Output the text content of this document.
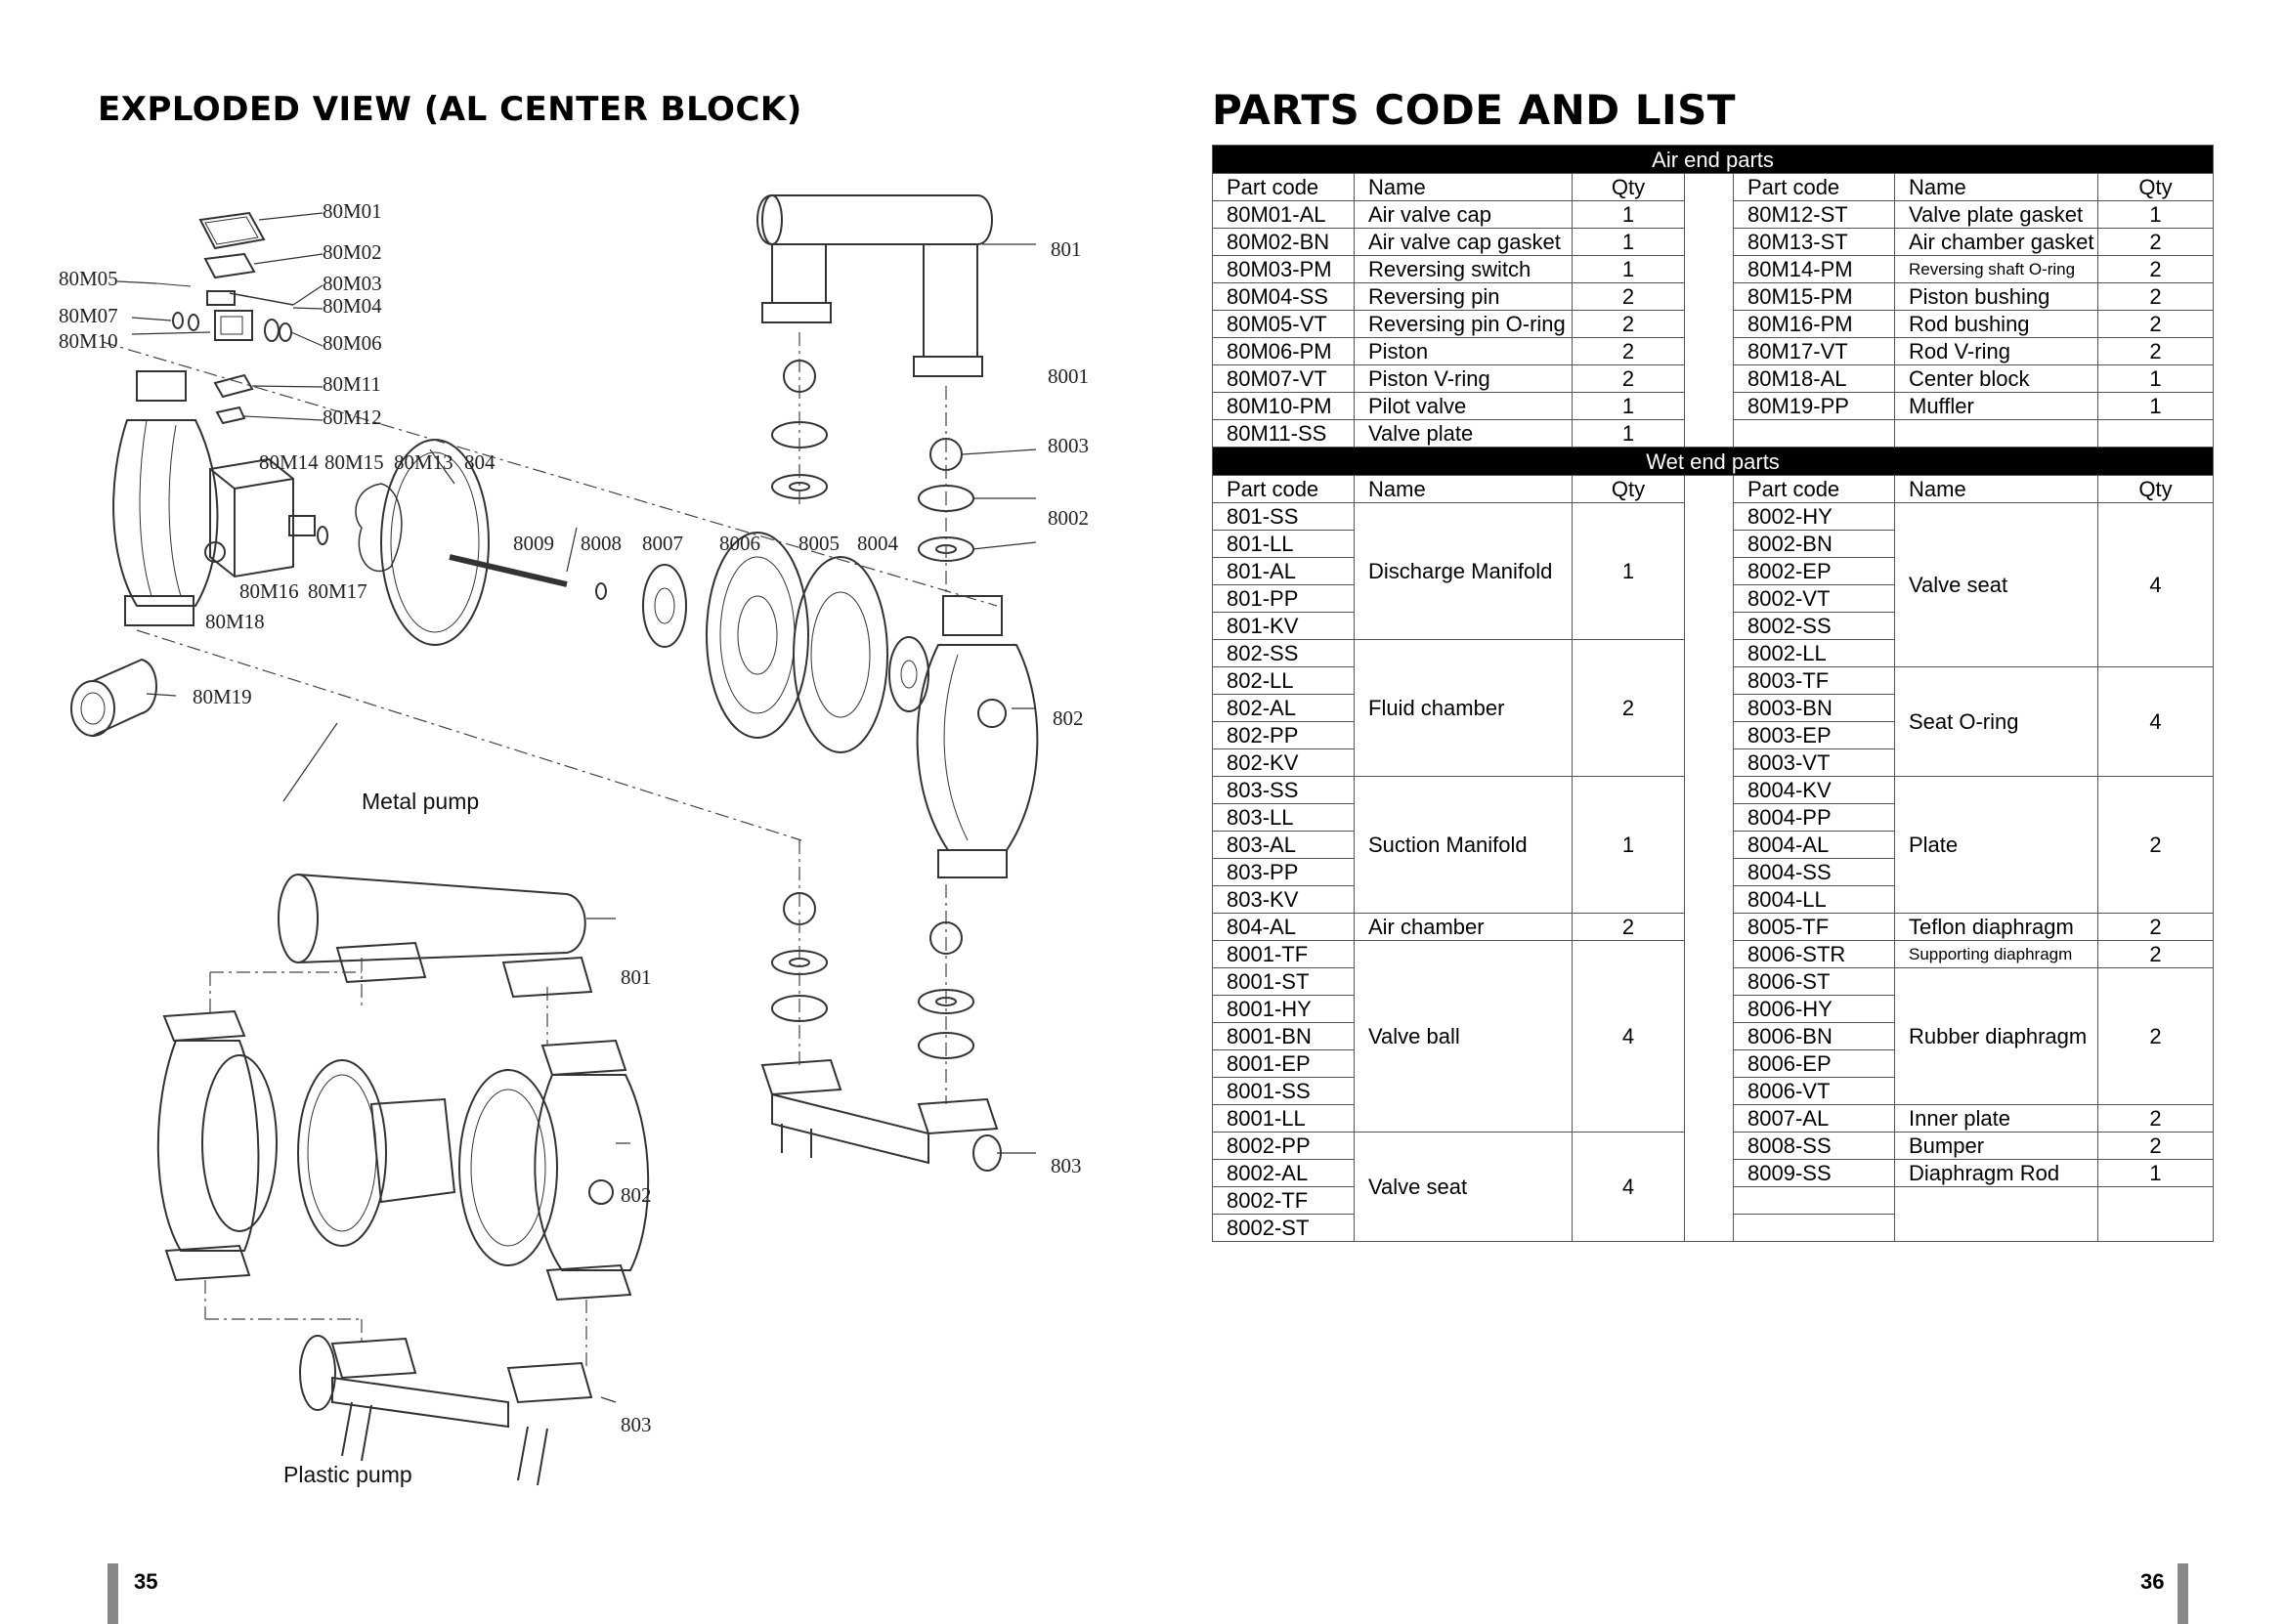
EXPLODED VIEW (AL CENTER BLOCK)	PARTS CODE AND LIST
80M01
80M02
80M03
80M04
80M05
80M07
80M10	80M06
80M11
80M12
80M14 80M15 80M13 804
80M16 80M17
80M18
80M19
8009 8008 8007 8006 8005 8004
801
8001
8003
8002
802
803
801
802
803
Metal pump
Plastic pump
35	36
Air end parts						
Part code	Name	Qty		Part code	Name	Qty
80M01-AL	Air valve cap	1		80M12-ST	Valve plate gasket	1
80M02-BN	Air valve cap gasket	1		80M13-ST	Air chamber gasket	2
80M03-PM	Reversing switch	1		80M14-PM	Reversing shaft O-ring	2
80M04-SS	Reversing pin	2		80M15-PM	Piston bushing	2
80M05-VT	Reversing pin O-ring	2		80M16-PM	Rod bushing	2
80M06-PM	Piston	2		80M17-VT	Rod V-ring	2
80M07-VT	Piston V-ring	2		80M18-AL	Center block	1
80M10-PM	Pilot valve	1		80M19-PP	Muffler	1
80M11-SS	Valve plate	1				
Wet end parts						
Part code	Name	Qty		Part code	Name	Qty
801-SS	Discharge Manifold	1		8002-HY	Valve seat	4
801-LL				8002-BN		
801-AL				8002-EP		
801-PP				8002-VT		
801-KV				8002-SS		
802-SS	Fluid chamber	2		8002-LL		
802-LL				8003-TF	Seat O-ring	4
802-AL				8003-BN		
802-PP				8003-EP		
802-KV				8003-VT		
803-SS	Suction Manifold	1		8004-KV	Plate	2
803-LL				8004-PP		
803-AL				8004-AL		
803-PP				8004-SS		
803-KV				8004-LL		
804-AL	Air chamber	2		8005-TF	Teflon diaphragm	2
8001-TF	Valve ball	4		8006-STR	Supporting diaphragm	2
8001-ST				8006-ST	Rubber diaphragm	2
8001-HY				8006-HY		
8001-BN				8006-BN		
8001-EP				8006-EP		
8001-SS				8006-VT		
8001-LL				8007-AL	Inner plate	2
8002-PP	Valve seat	4		8008-SS	Bumper	2
8002-AL				8009-SS	Diaphragm Rod	1
8002-TF						
8002-ST						
